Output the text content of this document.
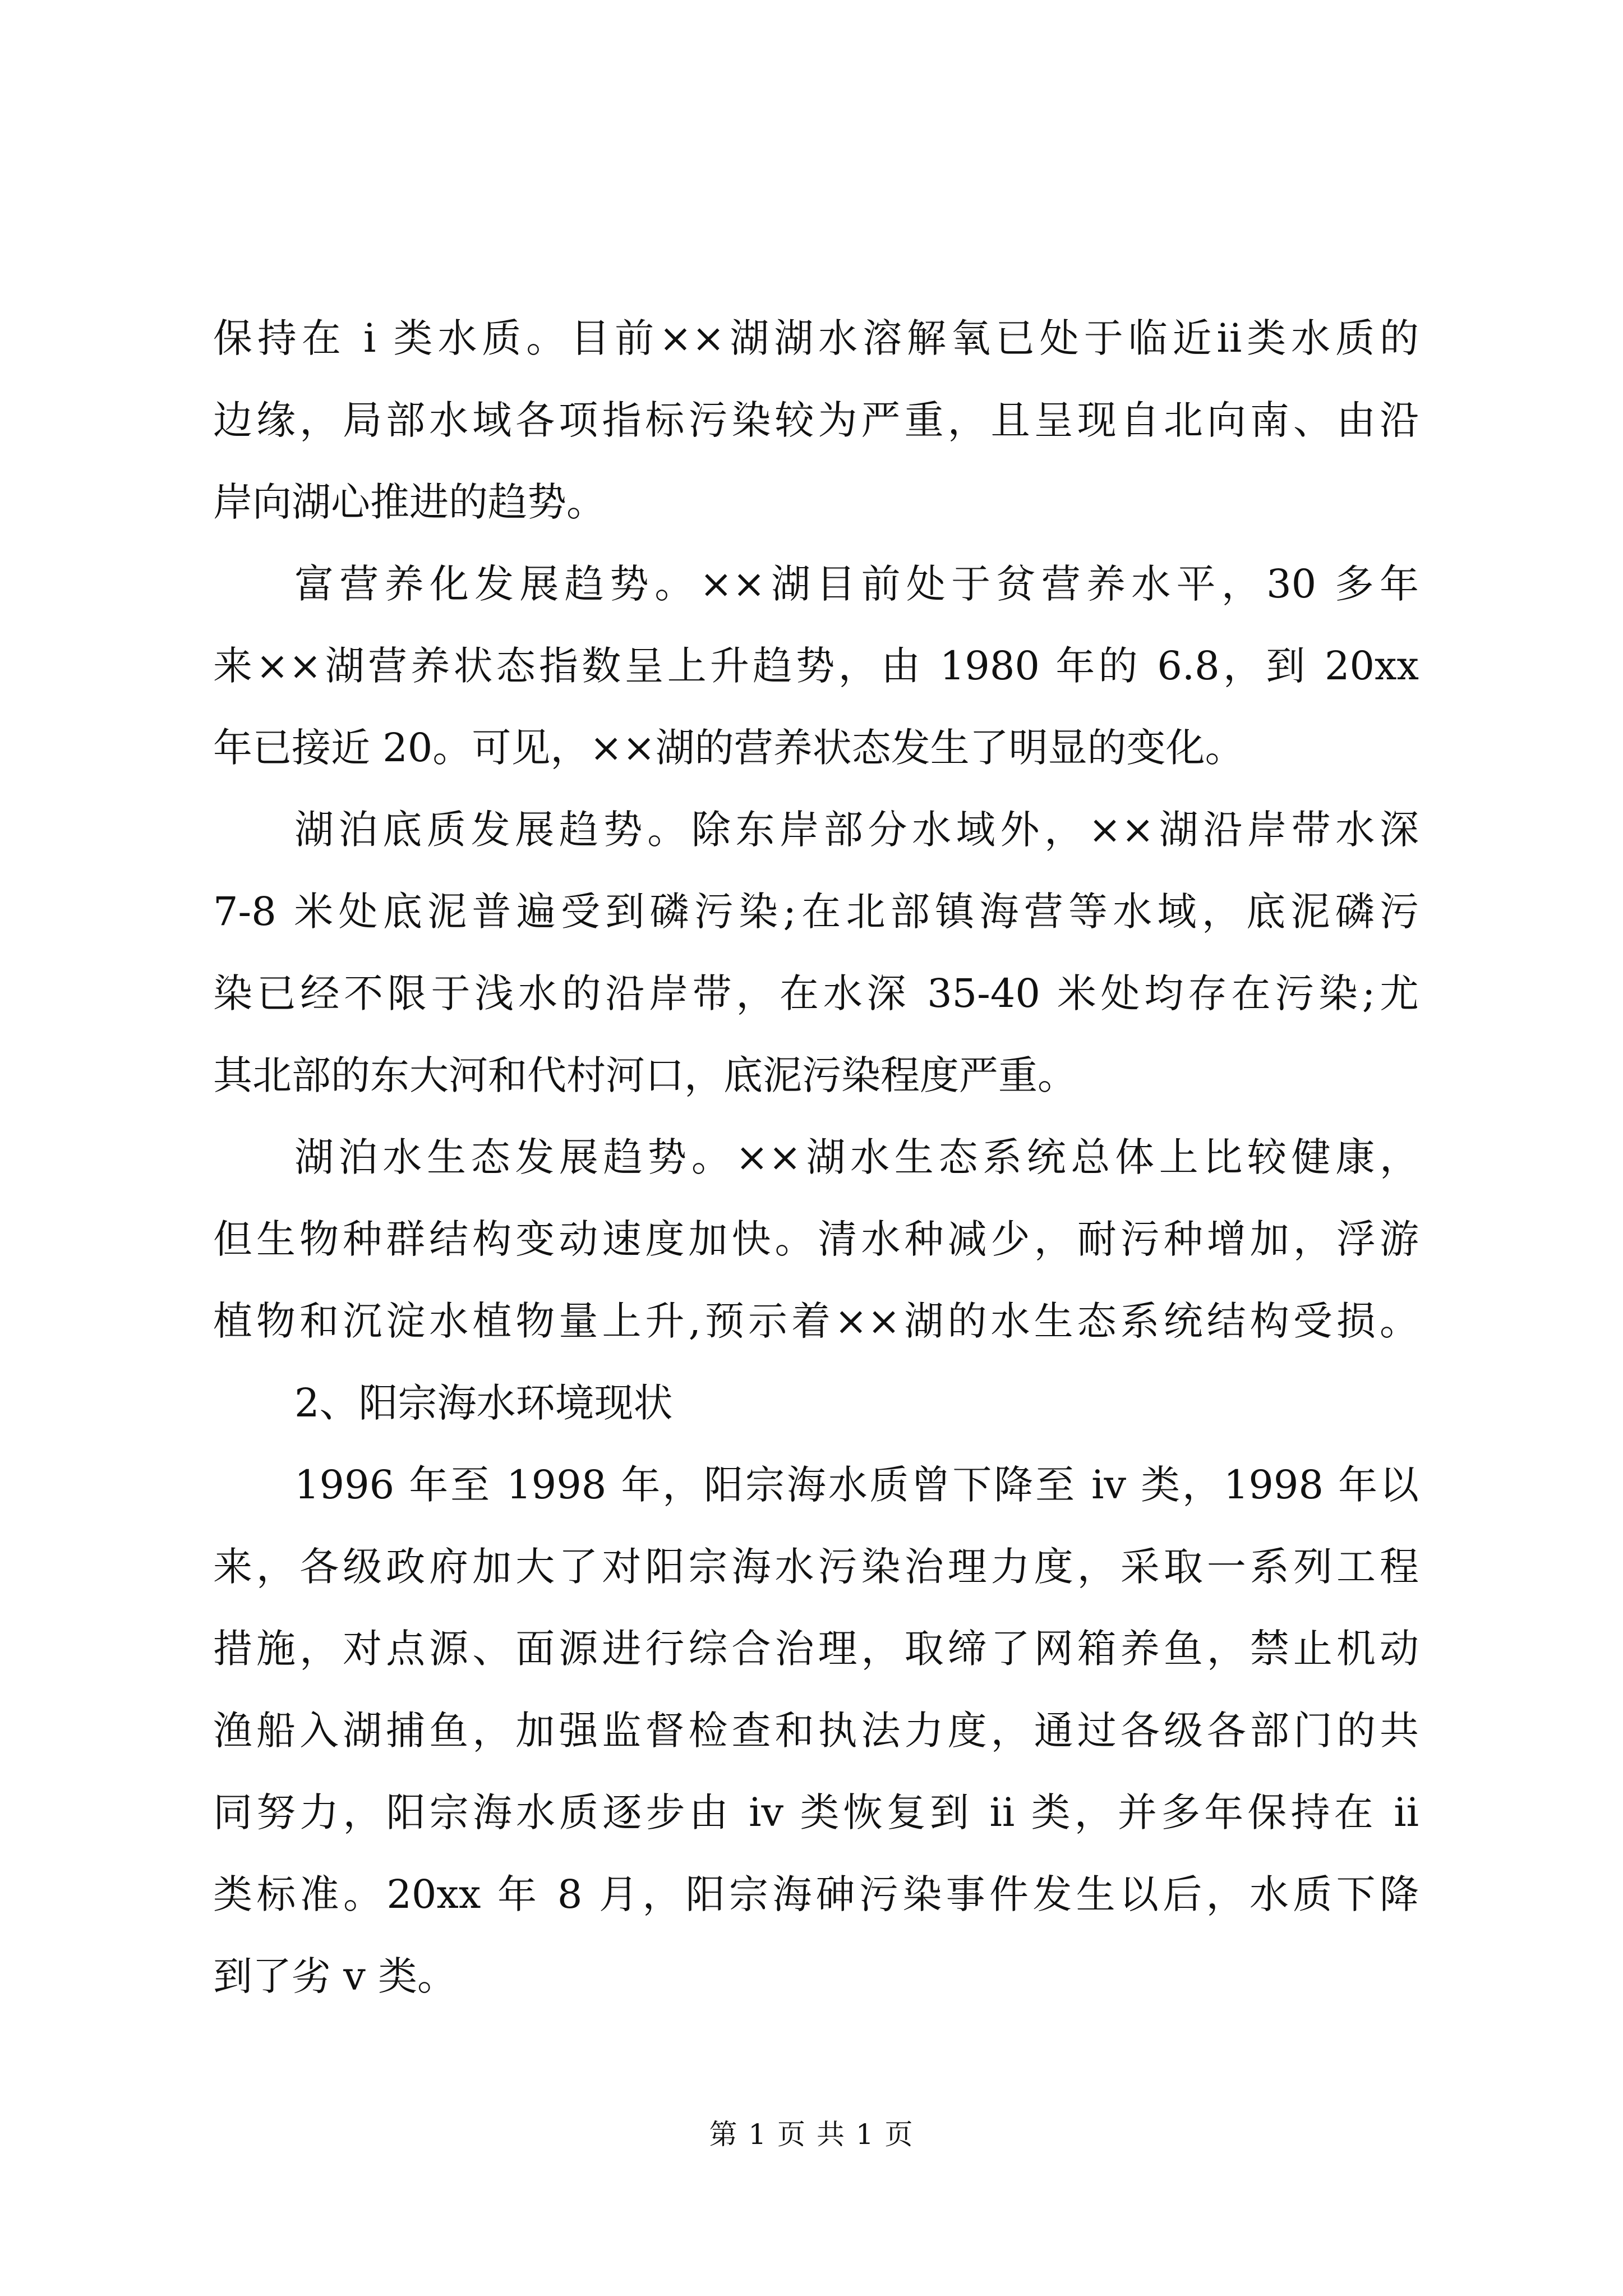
保持在 i 类水质。目前××湖湖水溶解氧已处于临近ii类水质的
边缘，局部水域各项指标污染较为严重，且呈现自北向南、由沿
岸向湖心推进的趋势。
富营养化发展趋势。××湖目前处于贫营养水平，30 多年
来××湖营养状态指数呈上升趋势，由 1980 年的 6.8，到 20xx
年已接近 20。可见，××湖的营养状态发生了明显的变化。
湖泊底质发展趋势。除东岸部分水域外，××湖沿岸带水深
7-8 米处底泥普遍受到磷污染;在北部镇海营等水域，底泥磷污
染已经不限于浅水的沿岸带，在水深 35-40 米处均存在污染;尤
其北部的东大河和代村河口，底泥污染程度严重。
湖泊水生态发展趋势。××湖水生态系统总体上比较健康，
但生物种群结构变动速度加快。清水种减少，耐污种增加，浮游
植物和沉淀水植物量上升,预示着××湖的水生态系统结构受损。
2、阳宗海水环境现状
1996 年至 1998 年，阳宗海水质曾下降至 iv 类，1998 年以
来，各级政府加大了对阳宗海水污染治理力度，采取一系列工程
措施，对点源、面源进行综合治理，取缔了网箱养鱼，禁止机动
渔船入湖捕鱼，加强监督检查和执法力度，通过各级各部门的共
同努力，阳宗海水质逐步由 iv 类恢复到 ii 类，并多年保持在 ii
类标准。20xx 年 8 月，阳宗海砷污染事件发生以后，水质下降
到了劣 v 类。
第 1 页 共 1 页
